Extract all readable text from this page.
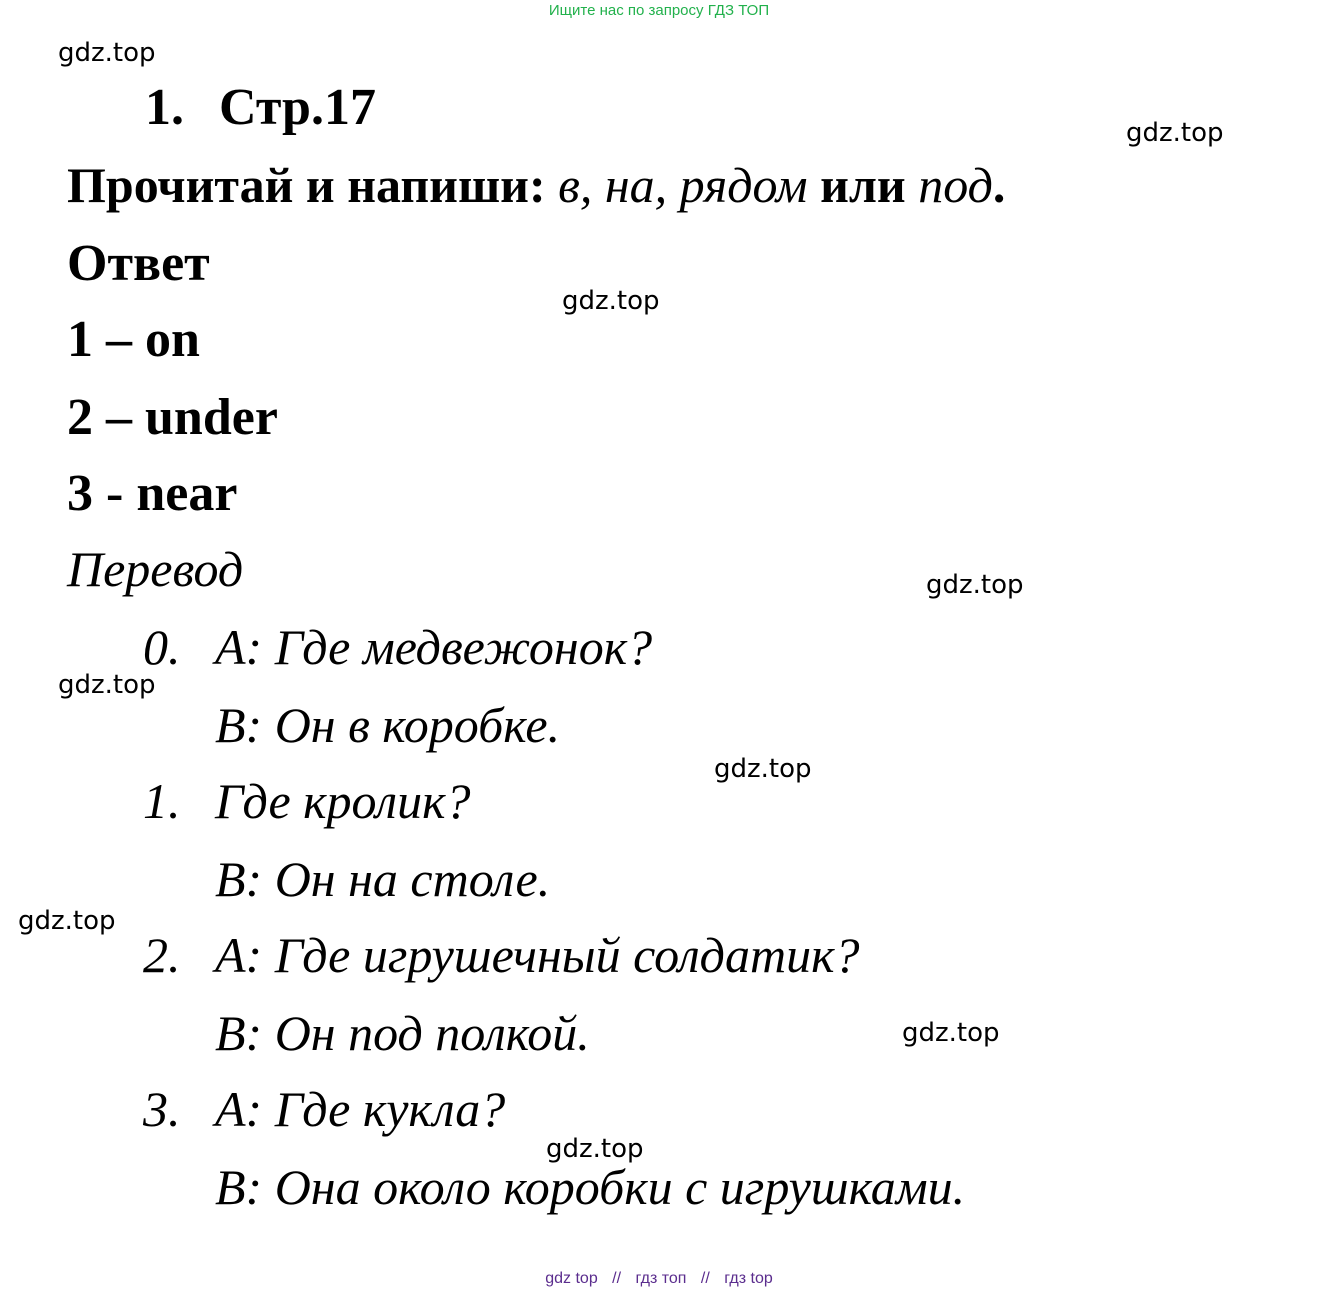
Ищите нас по запросу ГДЗ ТОП
gdz.top
gdz.top
gdz.top
gdz.top
gdz.top
gdz.top
gdz.top
gdz.top
gdz.top
1. Стр.17
Прочитай и напиши: в, на, рядом или под.
Ответ
1 – on
2 – under
3 - near
Перевод
0. A: Где медвежонок?
B: Он в коробке.
1. Где кролик?
B: Он на столе.
2. A: Где игрушечный солдатик?
B: Он под полкой.
3. A: Где кукла?
B: Она около коробки с игрушками.
gdz top // гдз топ // гдз top
